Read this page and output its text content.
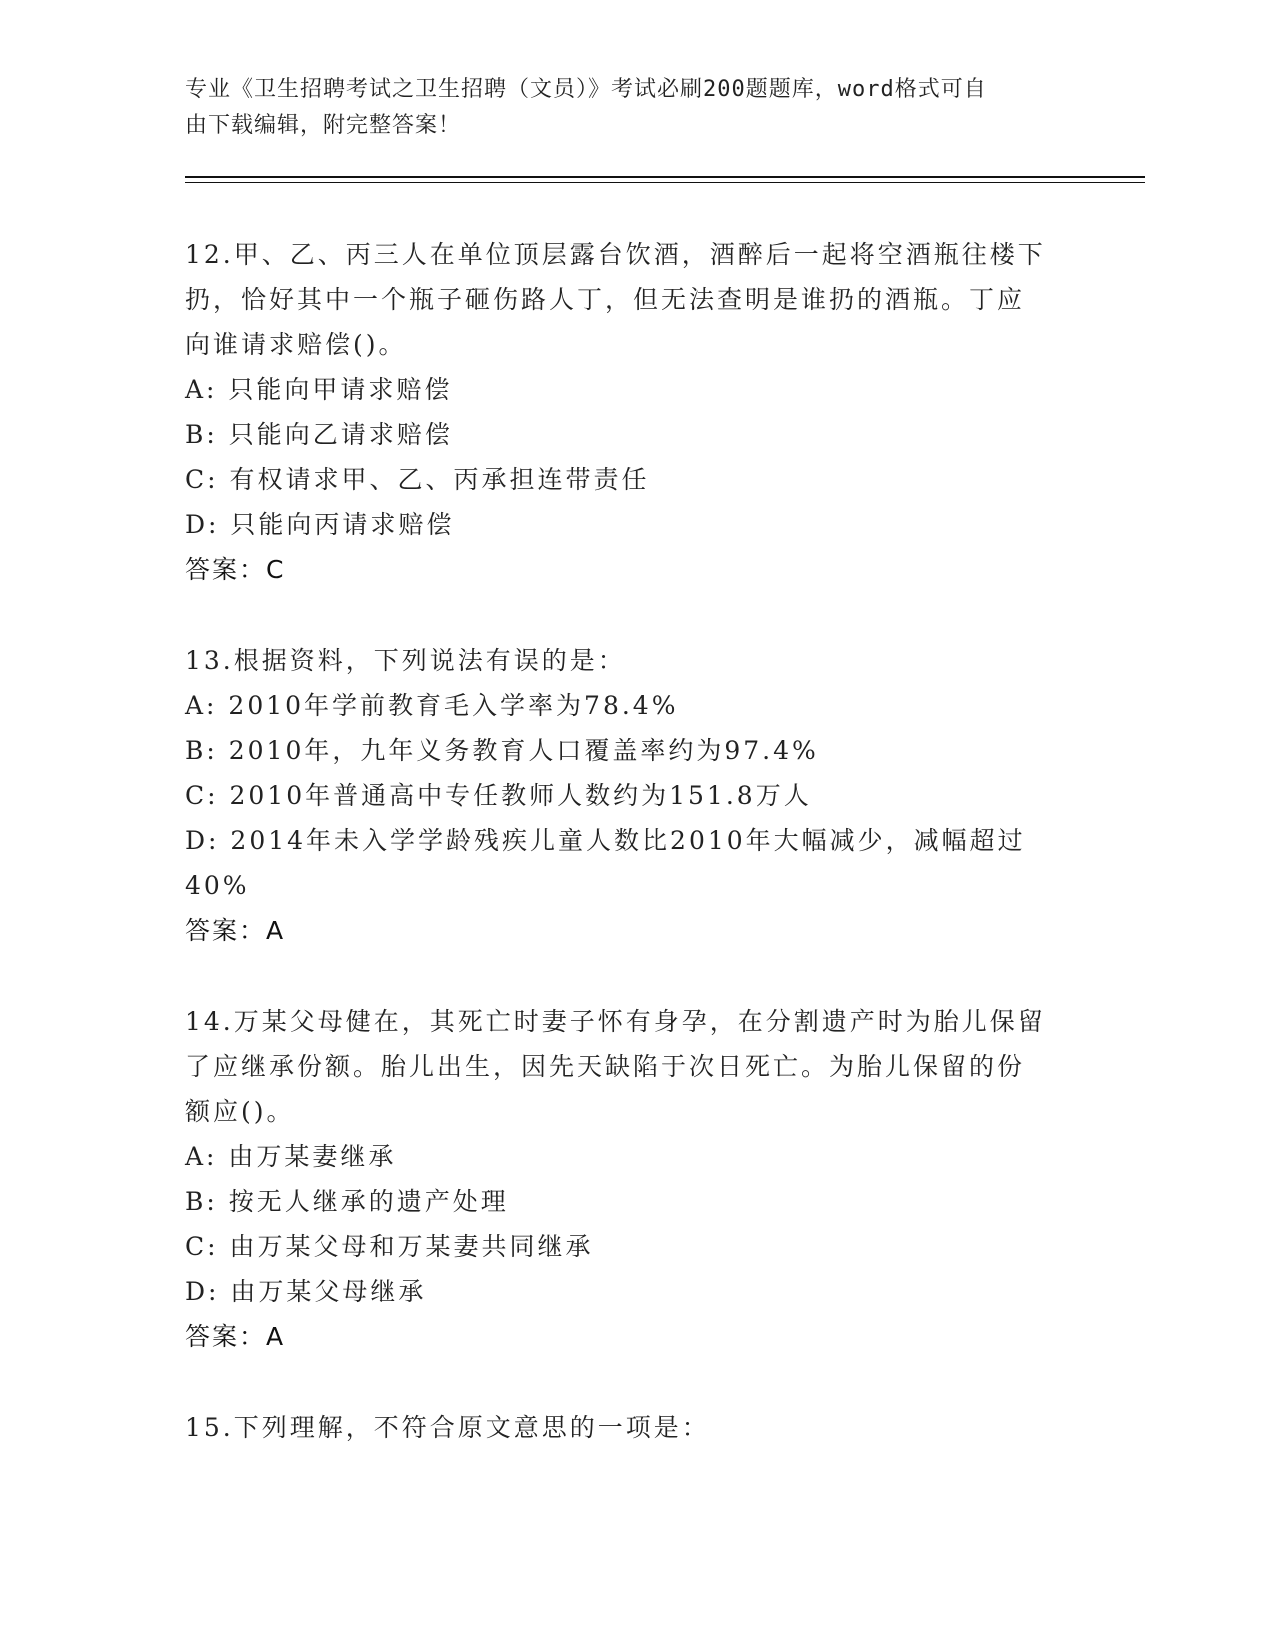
专业《卫生招聘考试之卫生招聘（文员）》考试必刷200题题库，word格式可自
由下载编辑，附完整答案！
12.甲、乙、丙三人在单位顶层露台饮酒，酒醉后一起将空酒瓶往楼下
扔，恰好其中一个瓶子砸伤路人丁，但无法查明是谁扔的酒瓶。丁应
向谁请求赔偿()。
A: 只能向甲请求赔偿
B: 只能向乙请求赔偿
C: 有权请求甲、乙、丙承担连带责任
D: 只能向丙请求赔偿
答案：C
13.根据资料，下列说法有误的是：
A: 2010年学前教育毛入学率为78.4%
B: 2010年，九年义务教育人口覆盖率约为97.4%
C: 2010年普通高中专任教师人数约为151.8万人
D: 2014年未入学学龄残疾儿童人数比2010年大幅减少，减幅超过
40%
答案：A
14.万某父母健在，其死亡时妻子怀有身孕，在分割遗产时为胎儿保留
了应继承份额。胎儿出生，因先天缺陷于次日死亡。为胎儿保留的份
额应()。
A: 由万某妻继承
B: 按无人继承的遗产处理
C: 由万某父母和万某妻共同继承
D: 由万某父母继承
答案：A
15.下列理解，不符合原文意思的一项是：
